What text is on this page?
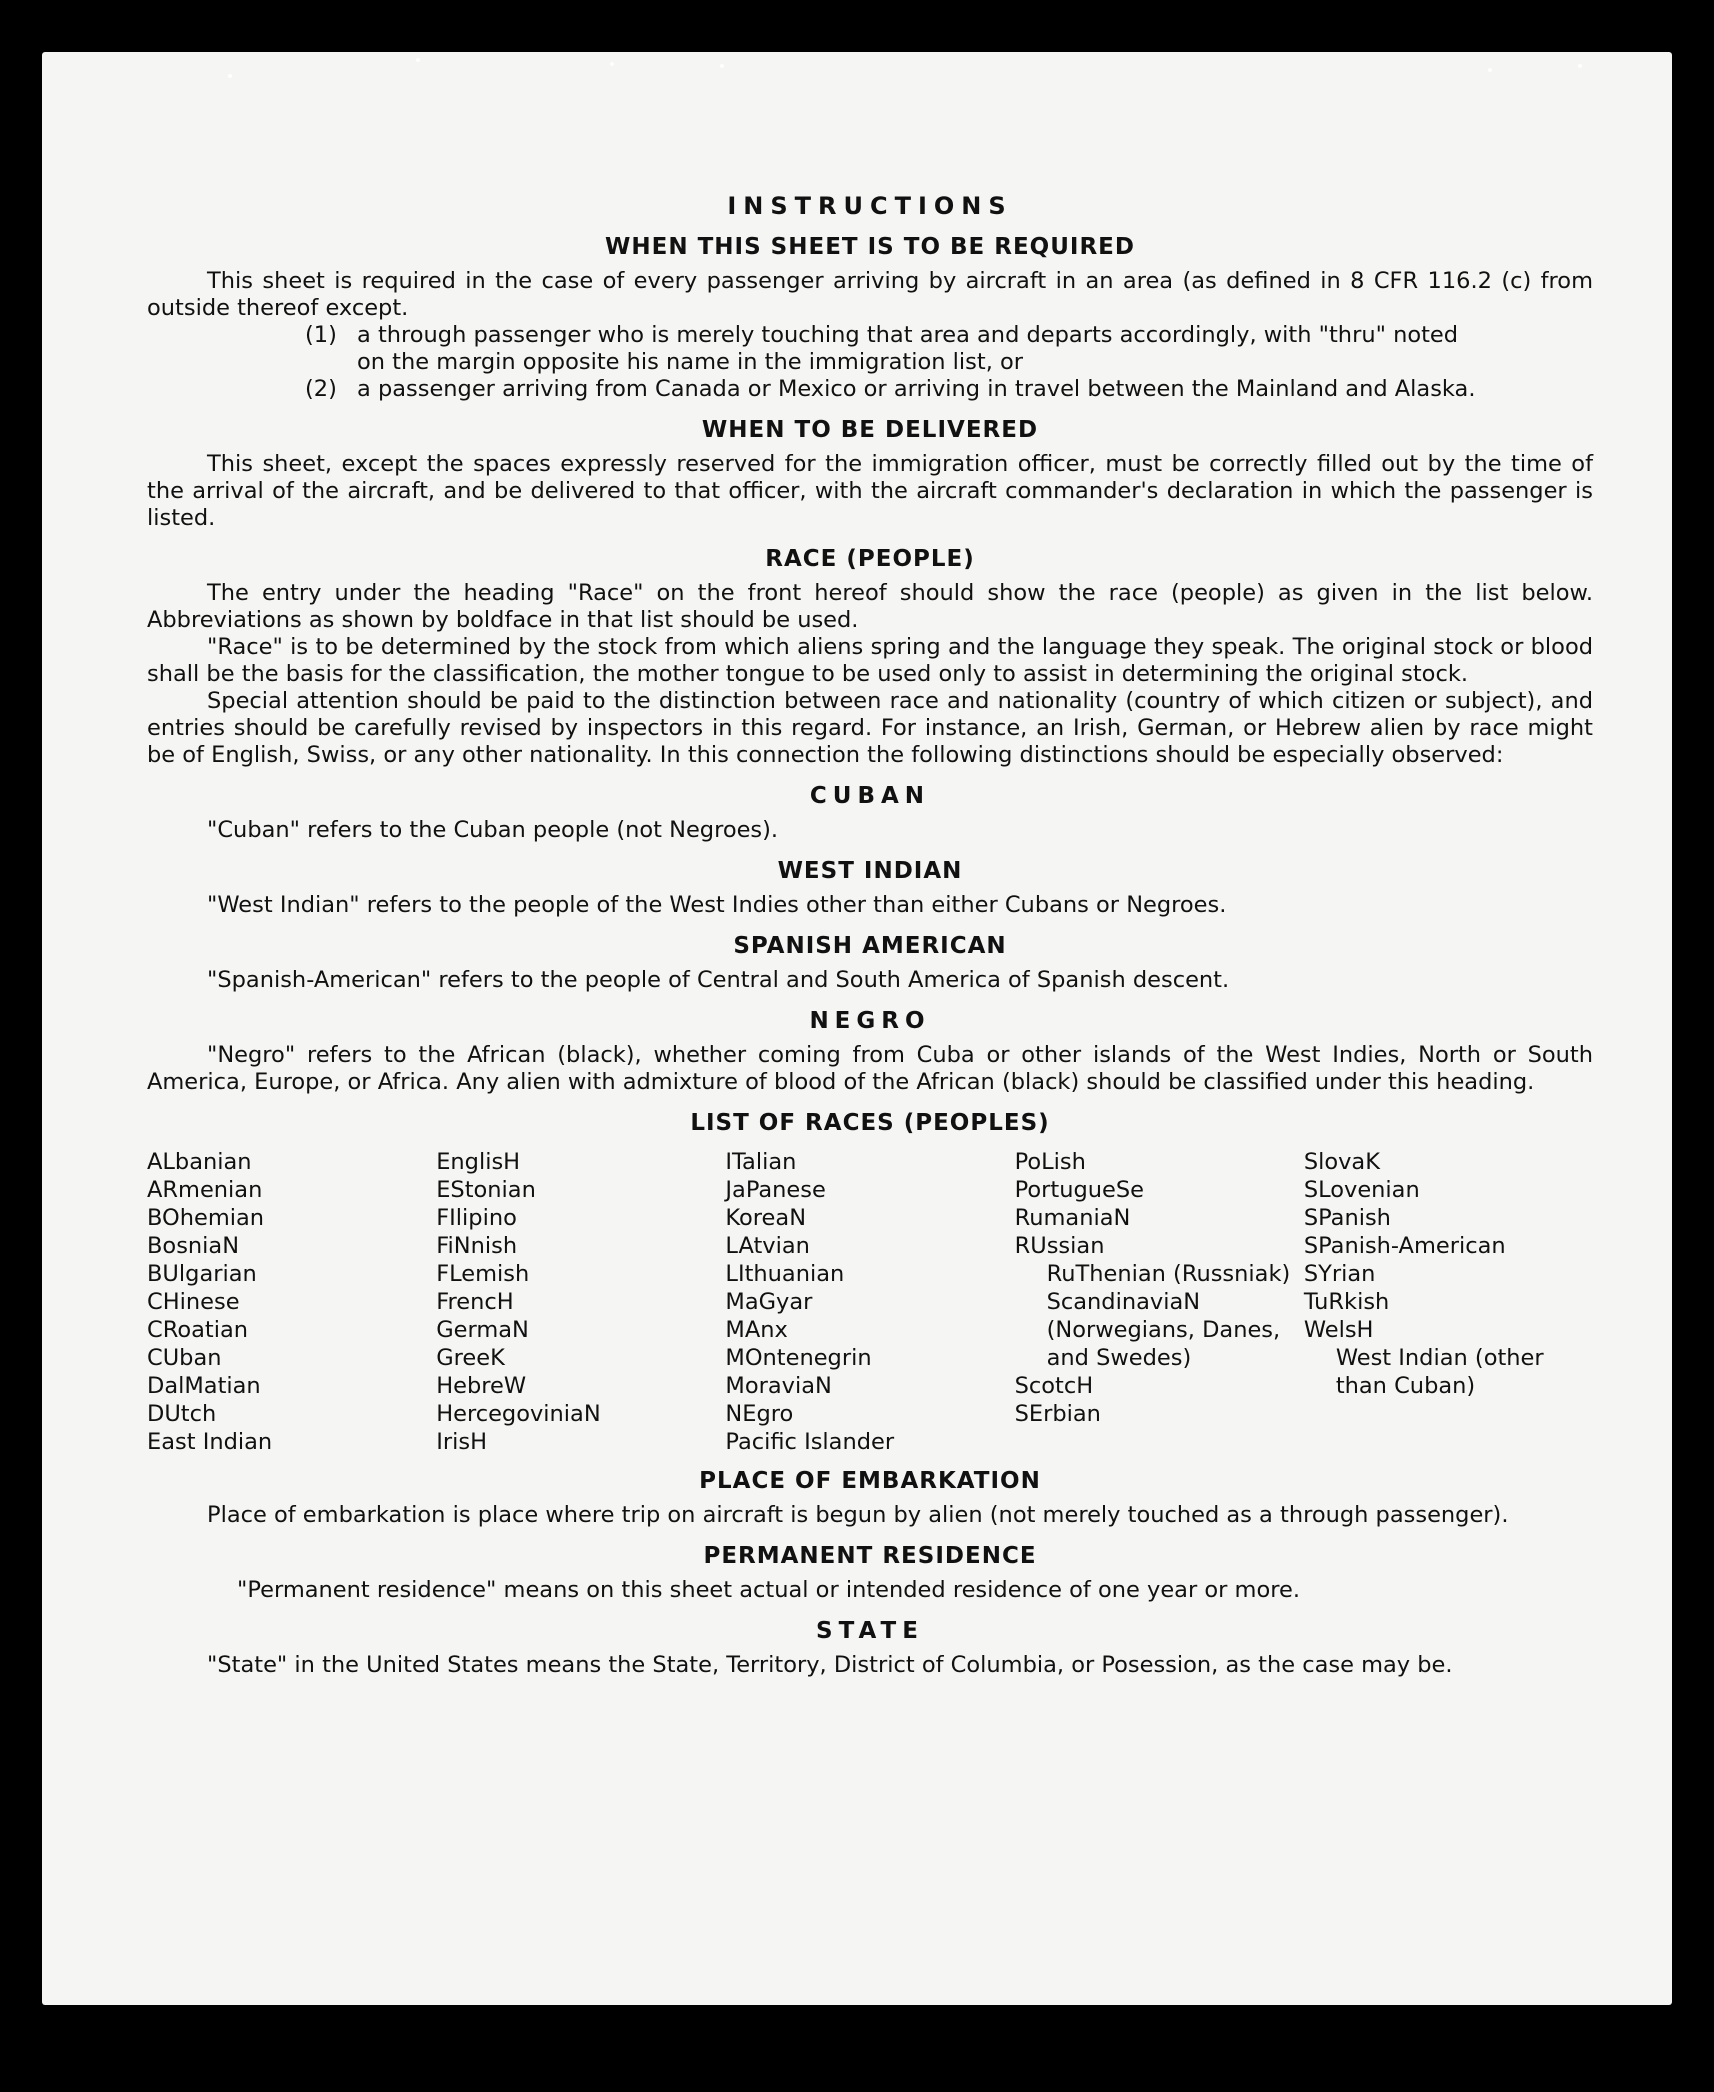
INSTRUCTIONS
WHEN THIS SHEET IS TO BE REQUIRED

This sheet is required in the case of every passenger arriving by aircraft in an area (as defined in 8 CFR 116.2 (c) from outside thereof except.

(1) a through passenger who is merely touching that area and departs accordingly, with "thru" noted
on the margin opposite his name in the immigration list, or
(2) a passenger arriving from Canada or Mexico or arriving in travel between the Mainland and Alaska.
WHEN TO BE DELIVERED

This sheet, except the spaces expressly reserved for the immigration officer, must be correctly filled out by the time of the arrival of the aircraft, and be delivered to that officer, with the aircraft commander's declaration in which the passenger is listed.

RACE (PEOPLE)

The entry under the heading "Race" on the front hereof should show the race (people) as given in the list below. Abbreviations as shown by boldface in that list should be used.

"Race" is to be determined by the stock from which aliens spring and the language they speak. The original stock or blood shall be the basis for the classification, the mother tongue to be used only to assist in determining the original stock.

Special attention should be paid to the distinction between race and nationality (country of which citizen or subject), and entries should be carefully revised by inspectors in this regard. For instance, an Irish, German, or Hebrew alien by race might be of English, Swiss, or any other nationality. In this connection the following distinctions should be especially observed:

CUBAN

"Cuban" refers to the Cuban people (not Negroes).

WEST INDIAN

"West Indian" refers to the people of the West Indies other than either Cubans or Negroes.

SPANISH AMERICAN

"Spanish-American" refers to the people of Central and South America of Spanish descent.

NEGRO

"Negro" refers to the African (black), whether coming from Cuba or other islands of the West Indies, North or South America, Europe, or Africa. Any alien with admixture of blood of the African (black) should be classified under this heading.

LIST OF RACES (PEOPLES)
ALbanian
ARmenian
BOhemian
BosniaN
BUlgarian
CHinese
CRoatian
CUban
DalMatian
DUtch
East Indian
EnglisH
EStonian
FIlipino
FiNnish
FLemish
FrencH
GermaN
GreeK
HebreW
HercegoviniaN
IrisH
ITalian
JaPanese
KoreaN
LAtvian
LIthuanian
MaGyar
MAnx
MOntenegrin
MoraviaN
NEgro
Pacific Islander
PoLish
PortugueSe
RumaniaN
RUssian
RuThenian (Russniak)
ScandinaviaN (Norwegians, Danes, and Swedes)
ScotcH
SErbian
SlovaK
SLovenian
SPanish
SPanish-American
SYrian
TuRkish
WelsH
West Indian (other than Cuban)
PLACE OF EMBARKATION

Place of embarkation is place where trip on aircraft is begun by alien (not merely touched as a through passenger).

PERMANENT RESIDENCE

"Permanent residence" means on this sheet actual or intended residence of one year or more.

STATE

"State" in the United States means the State, Territory, District of Columbia, or Posession, as the case may be.
